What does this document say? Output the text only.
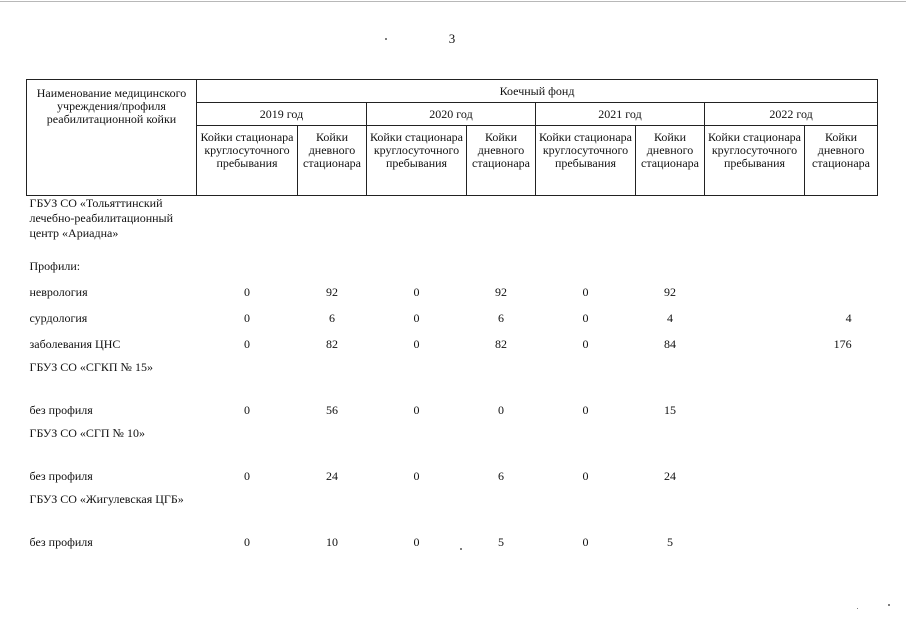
3
Наименование медицинского учреждения/профиля реабилитационной койки	Коечный фонд							
	2019 год		2020 год		2021 год		2022 год	
	Койки стационара круглосуточного пребывания	Койки дневного стационара	Койки стационара круглосуточного пребывания	Койки дневного стационара	Койки стационара круглосуточного пребывания	Койки дневного стационара	Койки стационара круглосуточного пребывания	Койки дневного стационара
ГБУЗ СО «Тольяттинский лечебно-реабилитационный центр «Ариадна»								
Профили:								
неврология	0	92	0	92	0	92		
сурдология	0	6	0	6	0	4		4
заболевания ЦНС	0	82	0	82	0	84		176
ГБУЗ СО «СГКП № 15»								
без профиля	0	56	0	0	0	15		
ГБУЗ СО «СГП № 10»								
без профиля	0	24	0	6	0	24		
ГБУЗ СО «Жигулевская ЦГБ»								
без профиля	0	10	0	5	0	5		
